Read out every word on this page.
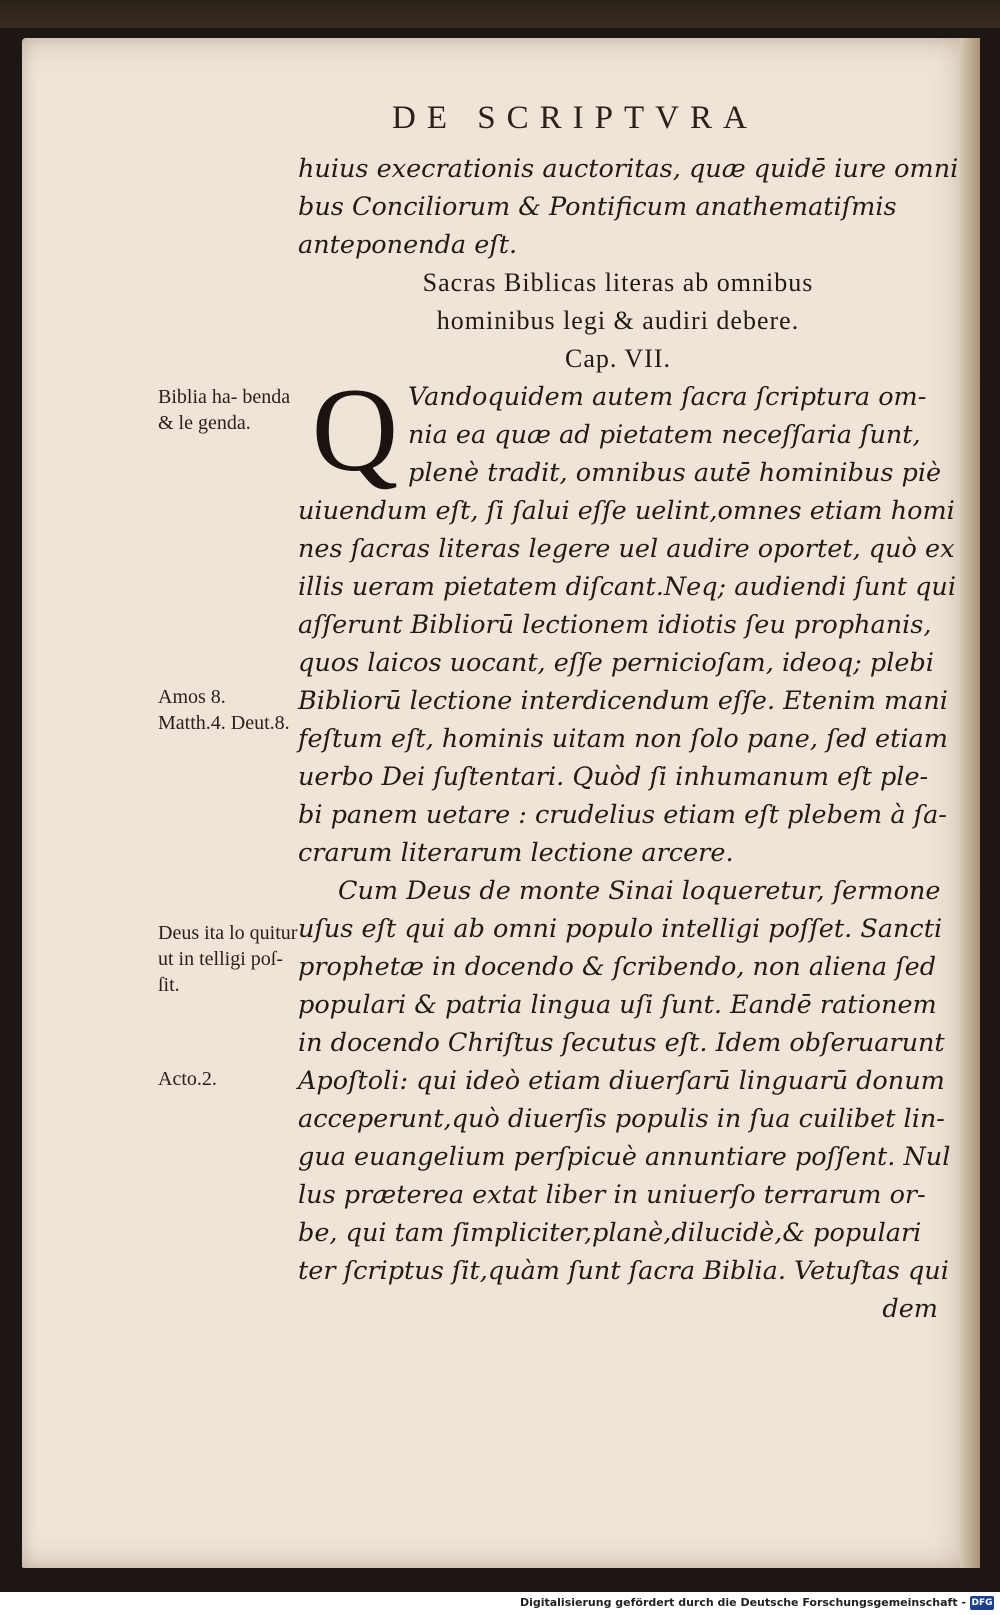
DE SCRIPTVRA
Q
huius execrationis auctoritas, quæ quidē iure omni
bus Conciliorum & Pontificum anathematiſmis
anteponenda eſt.
Sacras Biblicas literas ab omnibus
hominibus legi & audiri debere.
Cap. VII.
Vandoquidem autem ſacra ſcriptura om-
nia ea quæ ad pietatem neceſſaria ſunt,
plenè tradit, omnibus autē hominibus piè
uiuendum eſt, ſi ſalui eſſe uelint,omnes etiam homi
nes ſacras literas legere uel audire oportet, quò ex
illis ueram pietatem diſcant.Neq; audiendi ſunt qui
aſſerunt Bibliorū lectionem idiotis ſeu prophanis,
quos laicos uocant, eſſe pernicioſam, ideoq; plebi
Bibliorū lectione interdicendum eſſe. Etenim mani
feſtum eſt, hominis uitam non ſolo pane, ſed etiam
uerbo Dei ſuſtentari. Quòd ſi inhumanum eſt ple-
bi panem uetare : crudelius etiam eſt plebem à ſa-
crarum literarum lectione arcere.
Cum Deus de monte Sinai loqueretur, ſermone
uſus eſt qui ab omni populo intelligi poſſet. Sancti
prophetæ in docendo & ſcribendo, non aliena ſed
populari & patria lingua uſi ſunt. Eandē rationem
in docendo Chriſtus ſecutus eſt. Idem obſeruarunt
Apoſtoli: qui ideò etiam diuerſarū linguarū donum
acceperunt,quò diuerſis populis in ſua cuilibet lin-
gua euangelium perſpicuè annuntiare poſſent. Nul
lus præterea extat liber in uniuerſo terrarum or-
be, qui tam ſimpliciter,planè,dilucidè,& populari
ter ſcriptus ſit,quàm ſunt ſacra Biblia. Vetuſtas qui
dem
Biblia ha- benda & le genda.
Amos 8. Matth.4. Deut.8.
Deus ita lo quitur ut in telligi poſ- ſit.
Acto.2.
Digitalisierung gefördert durch die Deutsche Forschungsgemeinschaft - DFG
